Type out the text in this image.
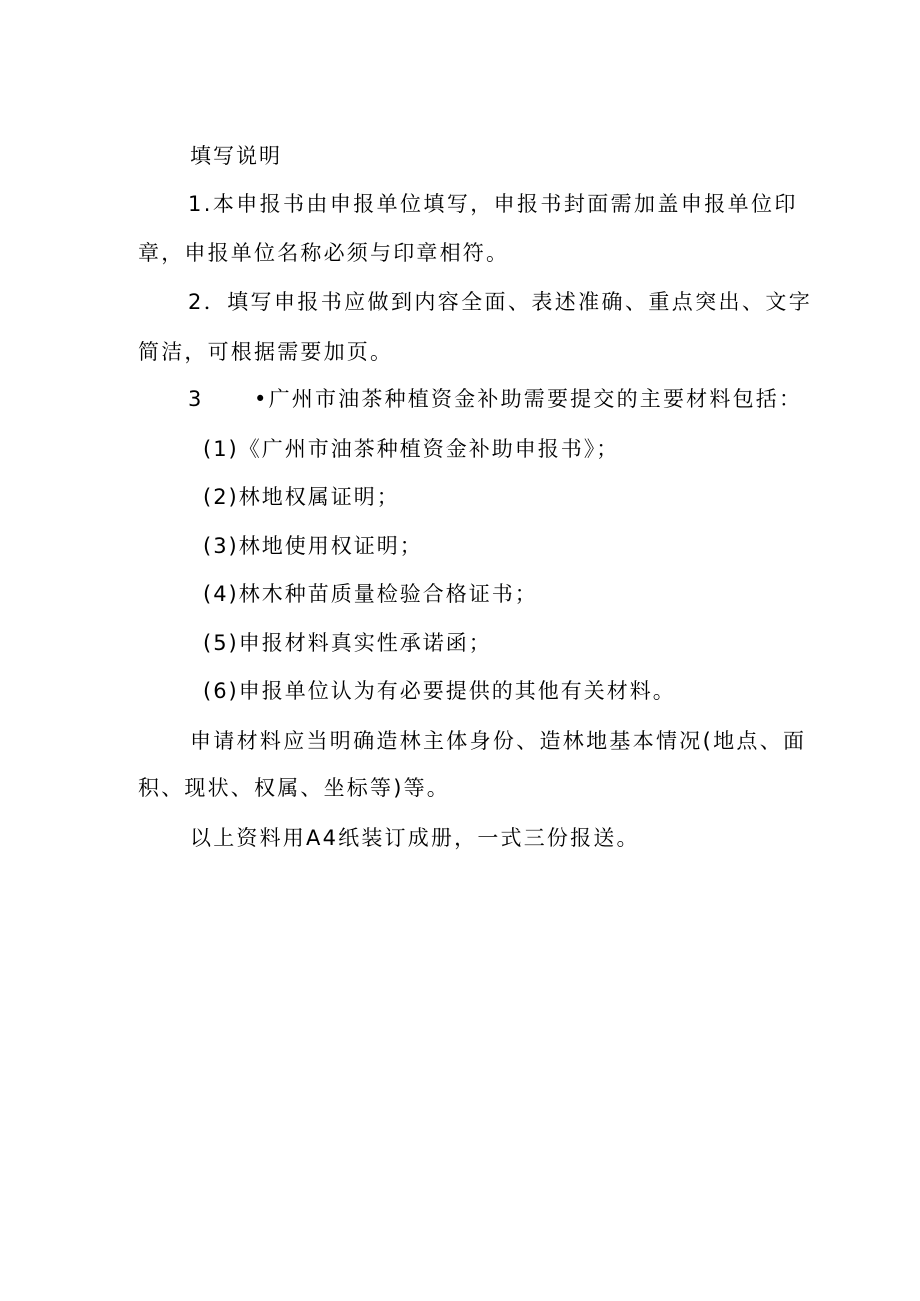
填写说明
1.本申报书由申报单位填写，申报书封面需加盖申报单位印
章，申报单位名称必须与印章相符。
2．填写申报书应做到内容全面、表述准确、重点突出、文字
简洁，可根据需要加页。
3 •广州市油茶种植资金补助需要提交的主要材料包括：
(1)《广州市油茶种植资金补助申报书》；
(2)林地权属证明；
(3)林地使用权证明；
(4)林木种苗质量检验合格证书；
(5)申报材料真实性承诺函；
(6)申报单位认为有必要提供的其他有关材料。
申请材料应当明确造林主体身份、造林地基本情况(地点、面
积、现状、权属、坐标等)等。
以上资料用A4纸装订成册，一式三份报送。
